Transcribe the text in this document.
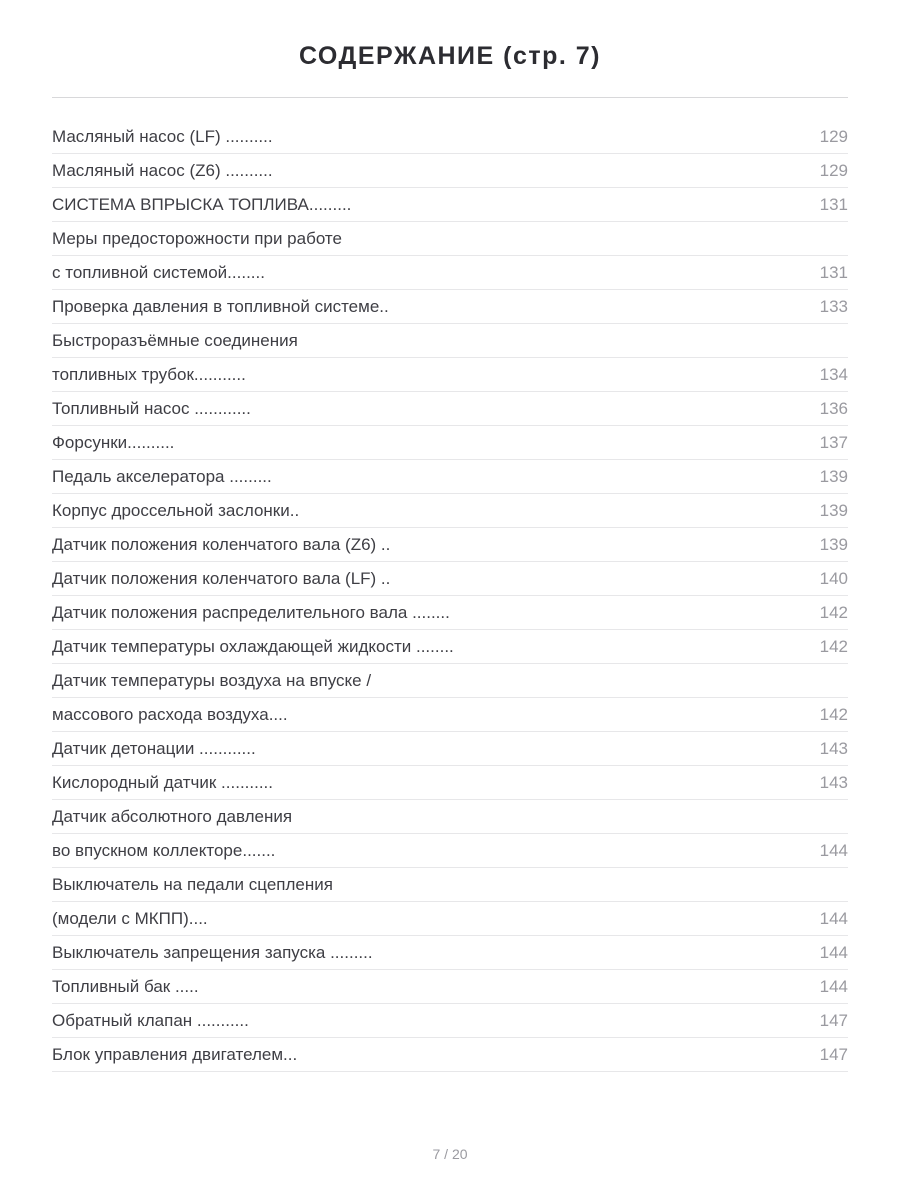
СОДЕРЖАНИЕ (стр. 7)
Масляный насос (LF) ..........	129
Масляный насос (Z6) ..........	129
СИСТЕМА ВПРЫСКА ТОПЛИВА.........	131
Меры предосторожности при работе
с топливной системой........	131
Проверка давления в топливной системе..	133
Быстроразъёмные соединения
топливных трубок...........	134
Топливный насос ............	136
Форсунки..........	137
Педаль акселератора .........	139
Корпус дроссельной заслонки..	139
Датчик положения коленчатого вала (Z6) ..	139
Датчик положения коленчатого вала (LF) ..	140
Датчик положения распределительного вала ........	142
Датчик температуры охлаждающей жидкости ........	142
Датчик температуры воздуха на впуске /
массового расхода воздуха....	142
Датчик детонации ............	143
Кислородный датчик ...........	143
Датчик абсолютного давления
во впускном коллекторе.......	144
Выключатель на педали сцепления
(модели с МКПП)....	144
Выключатель запрещения запуска .........	144
Топливный бак .....	144
Обратный клапан ...........	147
Блок управления двигателем...	147
7 / 20
